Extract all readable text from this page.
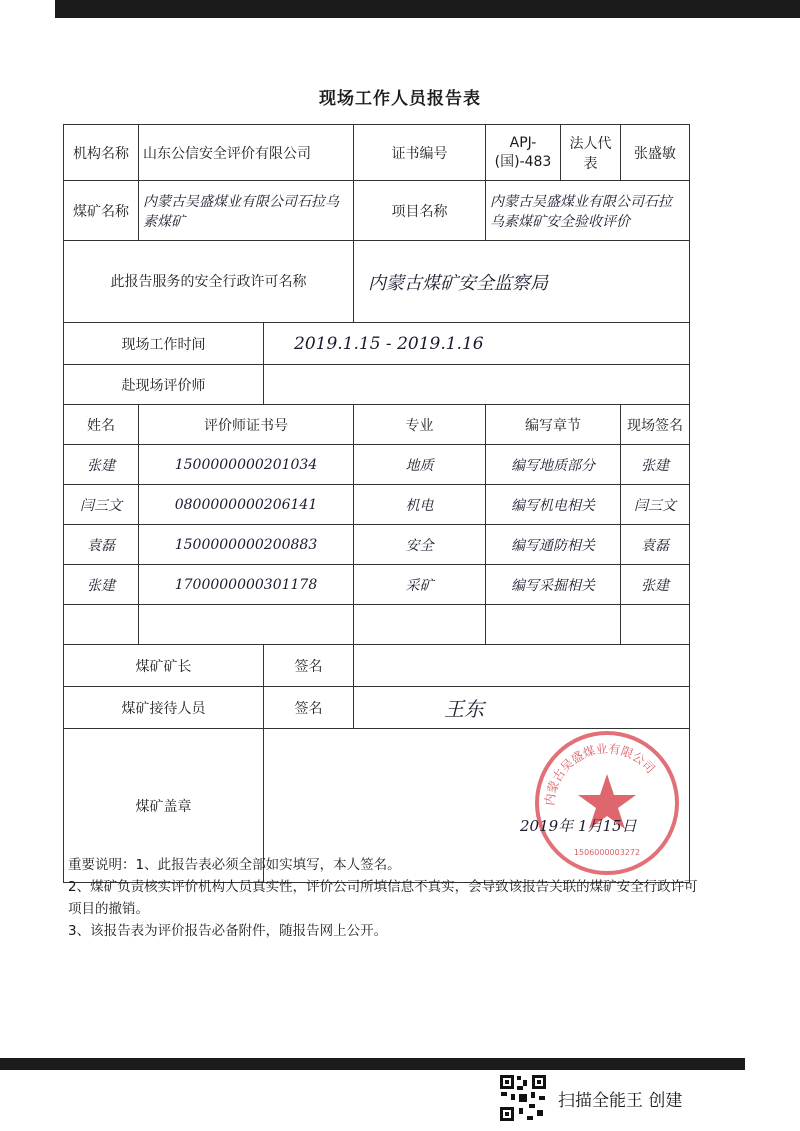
现场工作人员报告表
机构名称	山东公信安全评价有限公司		证书编号	APJ-(国)-483	法人代表	张盛敏
煤矿名称	内蒙古吴盛煤业有限公司石拉乌素煤矿		项目名称	内蒙古吴盛煤业有限公司石拉乌素煤矿安全验收评价		
此报告服务的安全行政许可名称			内蒙古煤矿安全监察局			
现场工作时间		2019.1.15 - 2019.1.16				
赴现场评价师						
姓名	评价师证书号		专业	编写章节		现场签名
张建	1500000000201034		地质	编写地质部分		张建
闫三文	0800000000206141		机电	编写机电相关		闫三文
袁磊	1500000000200883		安全	编写通防相关		袁磊
张建	1700000000301178		采矿	编写采掘相关		张建

煤矿矿长		签名				
煤矿接待人员		签名	王东			
煤矿盖章							内蒙古吴盛煤业有限公司
1506000003272
2019年 1月15日

重要说明：1、此报告表必须全部如实填写，本人签名。

2、煤矿负责核实评价机构人员真实性，评价公司所填信息不真实，会导致该报告关联的煤矿安全行政许可项目的撤销。

3、该报告表为评价报告必备附件，随报告网上公开。

扫描全能王 创建
